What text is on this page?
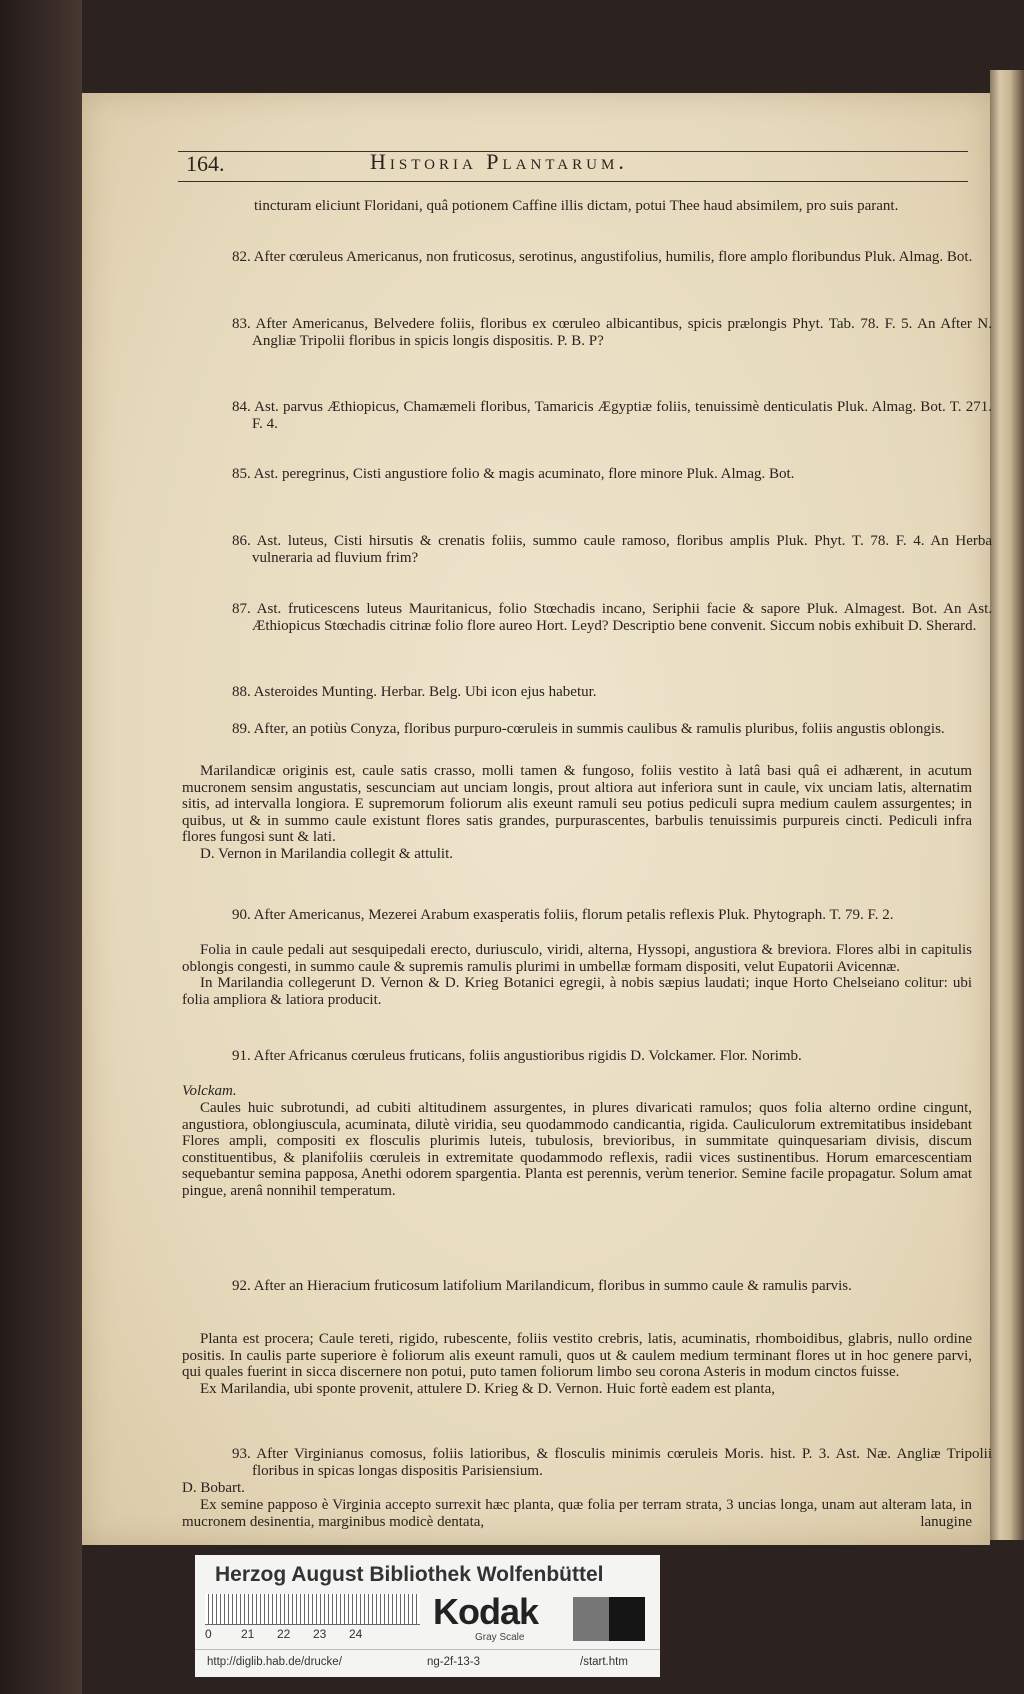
164.	Historia Plantarum.
tincturam eliciunt Floridani, quâ potionem Caffine illis dictam, potui Thee haud absimilem, pro suis parant.
82. After cœruleus Americanus, non fruticosus, serotinus, angustifolius, humilis, flore amplo floribundus Pluk. Almag. Bot.
83. After Americanus, Belvedere foliis, floribus ex cœruleo albicantibus, spicis prælongis Phyt. Tab. 78. F. 5. An After N. Angliæ Tripolii floribus in spicis longis dispositis. P. B. P?
84. Ast. parvus Æthiopicus, Chamæmeli floribus, Tamaricis Ægyptiæ foliis, tenuissimè denticulatis Pluk. Almag. Bot. T. 271. F. 4.
85. Ast. peregrinus, Cisti angustiore folio & magis acuminato, flore minore Pluk. Almag. Bot.
86. Ast. luteus, Cisti hirsutis & crenatis foliis, summo caule ramoso, floribus amplis Pluk. Phyt. T. 78. F. 4. An Herba vulneraria ad fluvium frim?
87. Ast. fruticescens luteus Mauritanicus, folio Stœchadis incano, Seriphii facie & sapore Pluk. Almagest. Bot. An Ast. Æthiopicus Stœchadis citrinæ folio flore aureo Hort. Leyd? Descriptio bene convenit. Siccum nobis exhibuit D. Sherard.
88. Asteroides Munting. Herbar. Belg. Ubi icon ejus habetur.
89. After, an potiùs Conyza, floribus purpuro-cœruleis in summis caulibus & ramulis pluribus, foliis angustis oblongis.

Marilandicæ originis est, caule satis crasso, molli tamen & fungoso, foliis vestito à latâ basi quâ ei adhærent, in acutum mucronem sensim angustatis, sescunciam aut unciam longis, prout altiora aut inferiora sunt in caule, vix unciam latis, alternatim sitis, ad intervalla longiora. E supremorum foliorum alis exeunt ramuli seu potius pediculi supra medium caulem assurgentes; in quibus, ut & in summo caule existunt flores satis grandes, purpurascentes, barbulis tenuissimis purpureis cincti. Pediculi infra flores fungosi sunt & lati.

D. Vernon in Marilandia collegit & attulit.

90. After Americanus, Mezerei Arabum exasperatis foliis, florum petalis reflexis Pluk. Phytograph. T. 79. F. 2.

Folia in caule pedali aut sesquipedali erecto, duriusculo, viridi, alterna, Hyssopi, angustiora & breviora. Flores albi in capitulis oblongis congesti, in summo caule & supremis ramulis plurimi in umbellæ formam dispositi, velut Eupatorii Avicennæ.

In Marilandia collegerunt D. Vernon & D. Krieg Botanici egregii, à nobis sæpius laudati; inque Horto Chelseiano colitur: ubi folia ampliora & latiora producit.

91. After Africanus cœruleus fruticans, foliis angustioribus rigidis D. Volckamer. Flor. Norimb.
Volckam.

Caules huic subrotundi, ad cubiti altitudinem assurgentes, in plures divaricati ramulos; quos folia alterno ordine cingunt, angustiora, oblongiuscula, acuminata, dilutè viridia, seu quodammodo candicantia, rigida. Cauliculorum extremitatibus insidebant Flores ampli, compositi ex flosculis plurimis luteis, tubulosis, brevioribus, in summitate quinquesariam divisis, discum constituentibus, & planifoliis cœruleis in extremitate quodammodo reflexis, radii vices sustinentibus. Horum emarcescentiam sequebantur semina papposa, Anethi odorem spargentia. Planta est perennis, verùm tenerior. Semine facile propagatur. Solum amat pingue, arenâ nonnihil temperatum.

92. After an Hieracium fruticosum latifolium Marilandicum, floribus in summo caule & ramulis parvis.

Planta est procera; Caule tereti, rigido, rubescente, foliis vestito crebris, latis, acuminatis, rhomboidibus, glabris, nullo ordine positis. In caulis parte superiore è foliorum alis exeunt ramuli, quos ut & caulem medium terminant flores ut in hoc genere parvi, qui quales fuerint in sicca discernere non potui, puto tamen foliorum limbo seu corona Asteris in modum cinctos fuisse.

Ex Marilandia, ubi sponte provenit, attulere D. Krieg & D. Vernon. Huic fortè eadem est planta,

93. After Virginianus comosus, foliis latioribus, & flosculis minimis cœruleis Moris. hist. P. 3. Ast. Næ. Angliæ Tripolii floribus in spicas longas dispositis Parisiensium.
D. Bobart.

Ex semine papposo è Virginia accepto surrexit hæc planta, quæ folia per terram strata, 3 uncias longa, unam aut alteram lata, in mucronem desinentia, marginibus modicè dentata,	lanugine
Herzog August Bibliothek Wolfenbüttel
0 21 22 23 24
Kodak
Gray Scale
http://diglib.hab.de/drucke/	ng-2f-13-3	/start.htm
